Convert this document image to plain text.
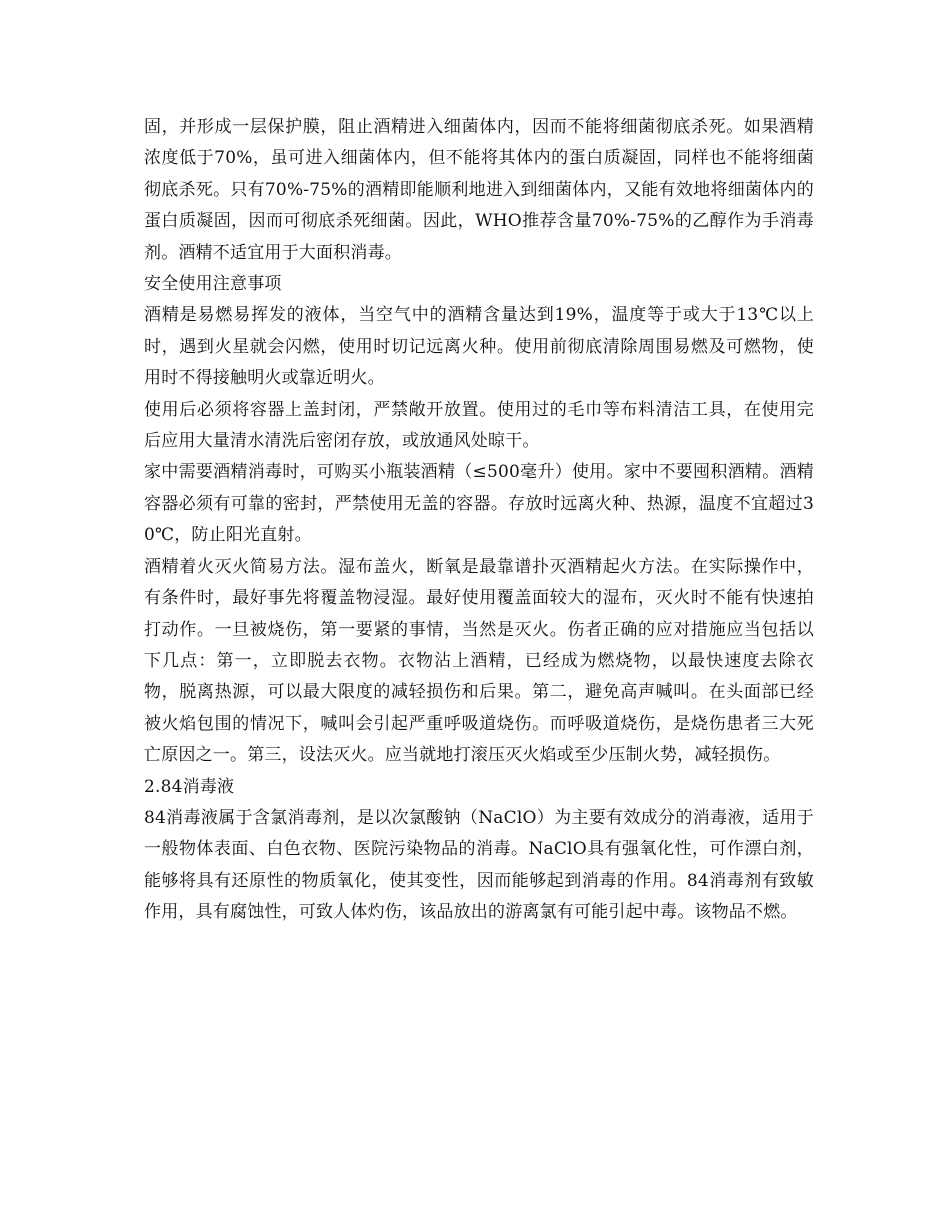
固，并形成一层保护膜，阻止酒精进入细菌体内，因而不能将细菌彻底杀死。如果酒精浓度低于70%，虽可进入细菌体内，但不能将其体内的蛋白质凝固，同样也不能将细菌彻底杀死。只有70%-75%的酒精即能顺利地进入到细菌体内，又能有效地将细菌体内的蛋白质凝固，因而可彻底杀死细菌。因此，WHO推荐含量70%-75%的乙醇作为手消毒剂。酒精不适宜用于大面积消毒。

安全使用注意事项

酒精是易燃易挥发的液体，当空气中的酒精含量达到19%，温度等于或大于13℃以上时，遇到火星就会闪燃，使用时切记远离火种。使用前彻底清除周围易燃及可燃物，使用时不得接触明火或靠近明火。

使用后必须将容器上盖封闭，严禁敞开放置。使用过的毛巾等布料清洁工具，在使用完后应用大量清水清洗后密闭存放，或放通风处晾干。

家中需要酒精消毒时，可购买小瓶装酒精（≤500毫升）使用。家中不要囤积酒精。酒精容器必须有可靠的密封，严禁使用无盖的容器。存放时远离火种、热源，温度不宜超过30℃，防止阳光直射。

酒精着火灭火简易方法。湿布盖火，断氧是最靠谱扑灭酒精起火方法。在实际操作中，有条件时，最好事先将覆盖物浸湿。最好使用覆盖面较大的湿布，灭火时不能有快速拍打动作。一旦被烧伤，第一要紧的事情，当然是灭火。伤者正确的应对措施应当包括以下几点：第一，立即脱去衣物。衣物沾上酒精，已经成为燃烧物，以最快速度去除衣物，脱离热源，可以最大限度的减轻损伤和后果。第二，避免高声喊叫。在头面部已经被火焰包围的情况下，喊叫会引起严重呼吸道烧伤。而呼吸道烧伤，是烧伤患者三大死亡原因之一。第三，设法灭火。应当就地打滚压灭火焰或至少压制火势，减轻损伤。

2.84消毒液

84消毒液属于含氯消毒剂，是以次氯酸钠（NaClO）为主要有效成分的消毒液，适用于一般物体表面、白色衣物、医院污染物品的消毒。NaClO具有强氧化性，可作漂白剂，能够将具有还原性的物质氧化，使其变性，因而能够起到消毒的作用。84消毒剂有致敏作用，具有腐蚀性，可致人体灼伤，该品放出的游离氯有可能引起中毒。该物品不燃。
